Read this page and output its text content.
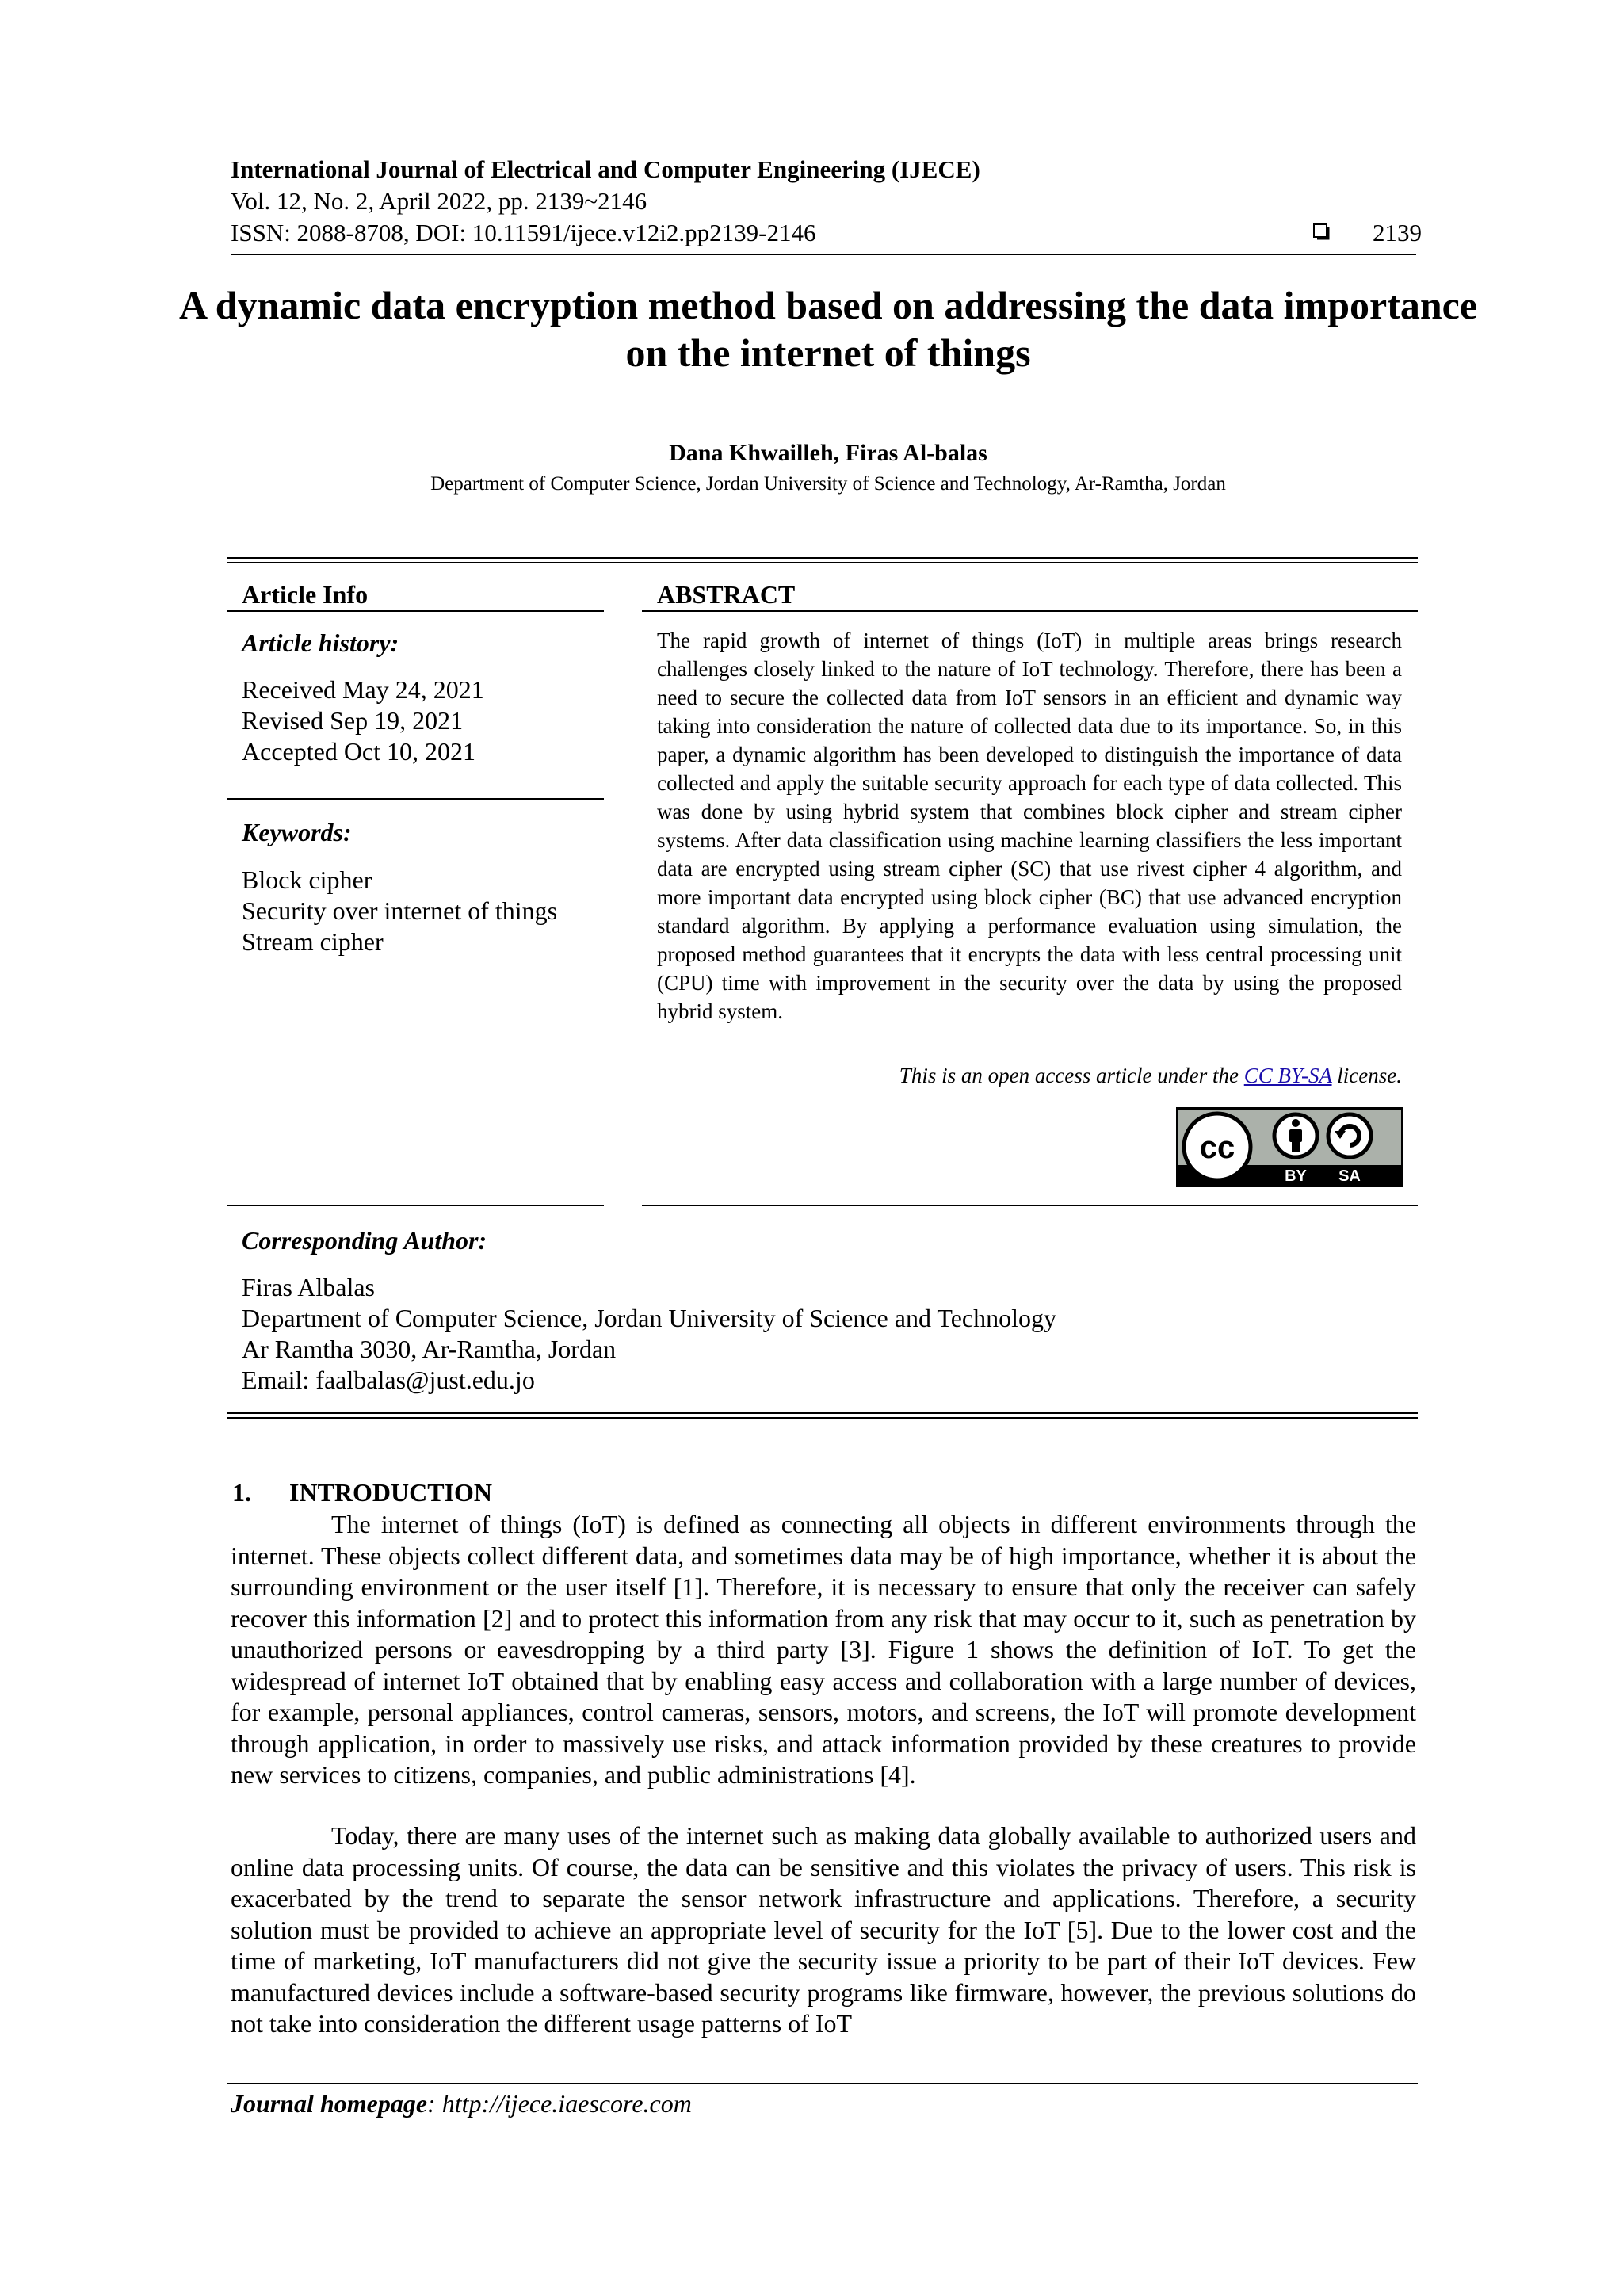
International Journal of Electrical and Computer Engineering (IJECE)
Vol. 12, No. 2, April 2022, pp. 2139~2146
ISSN: 2088-8708, DOI: 10.11591/ijece.v12i2.pp2139-2146	2139
A dynamic data encryption method based on addressing the data importance on the internet of things
Dana Khwailleh, Firas Al-balas
Department of Computer Science, Jordan University of Science and Technology, Ar-Ramtha, Jordan
Article Info
Article history:
Received May 24, 2021
Revised Sep 19, 2021
Accepted Oct 10, 2021
Keywords:
Block cipher
Security over internet of things
Stream cipher
ABSTRACT
The rapid growth of internet of things (IoT) in multiple areas brings research challenges closely linked to the nature of IoT technology. Therefore, there has been a need to secure the collected data from IoT sensors in an efficient and dynamic way taking into consideration the nature of collected data due to its importance. So, in this paper, a dynamic algorithm has been developed to distinguish the importance of data collected and apply the suitable security approach for each type of data collected. This was done by using hybrid system that combines block cipher and stream cipher systems. After data classification using machine learning classifiers the less important data are encrypted using stream cipher (SC) that use rivest cipher 4 algorithm, and more important data encrypted using block cipher (BC) that use advanced encryption standard algorithm. By applying a performance evaluation using simulation, the proposed method guarantees that it encrypts the data with less central processing unit (CPU) time with improvement in the security over the data by using the proposed hybrid system.
This is an open access article under the CC BY-SA license.
cc
BY SA
Corresponding Author:
Firas Albalas
Department of Computer Science, Jordan University of Science and Technology
Ar Ramtha 3030, Ar-Ramtha, Jordan
Email: faalbalas@just.edu.jo
1. INTRODUCTION
The internet of things (IoT) is defined as connecting all objects in different environments through the internet. These objects collect different data, and sometimes data may be of high importance, whether it is about the surrounding environment or the user itself [1]. Therefore, it is necessary to ensure that only the receiver can safely recover this information [2] and to protect this information from any risk that may occur to it, such as penetration by unauthorized persons or eavesdropping by a third party [3]. Figure 1 shows the definition of IoT. To get the widespread of internet IoT obtained that by enabling easy access and collaboration with a large number of devices, for example, personal appliances, control cameras, sensors, motors, and screens, the IoT will promote development through application, in order to massively use risks, and attack information provided by these creatures to provide new services to citizens, companies, and public administrations [4].
Today, there are many uses of the internet such as making data globally available to authorized users and online data processing units. Of course, the data can be sensitive and this violates the privacy of users. This risk is exacerbated by the trend to separate the sensor network infrastructure and applications. Therefore, a security solution must be provided to achieve an appropriate level of security for the IoT [5]. Due to the lower cost and the time of marketing, IoT manufacturers did not give the security issue a priority to be part of their IoT devices. Few manufactured devices include a software-based security programs like firmware, however, the previous solutions do not take into consideration the different usage patterns of IoT
Journal homepage: http://ijece.iaescore.com
